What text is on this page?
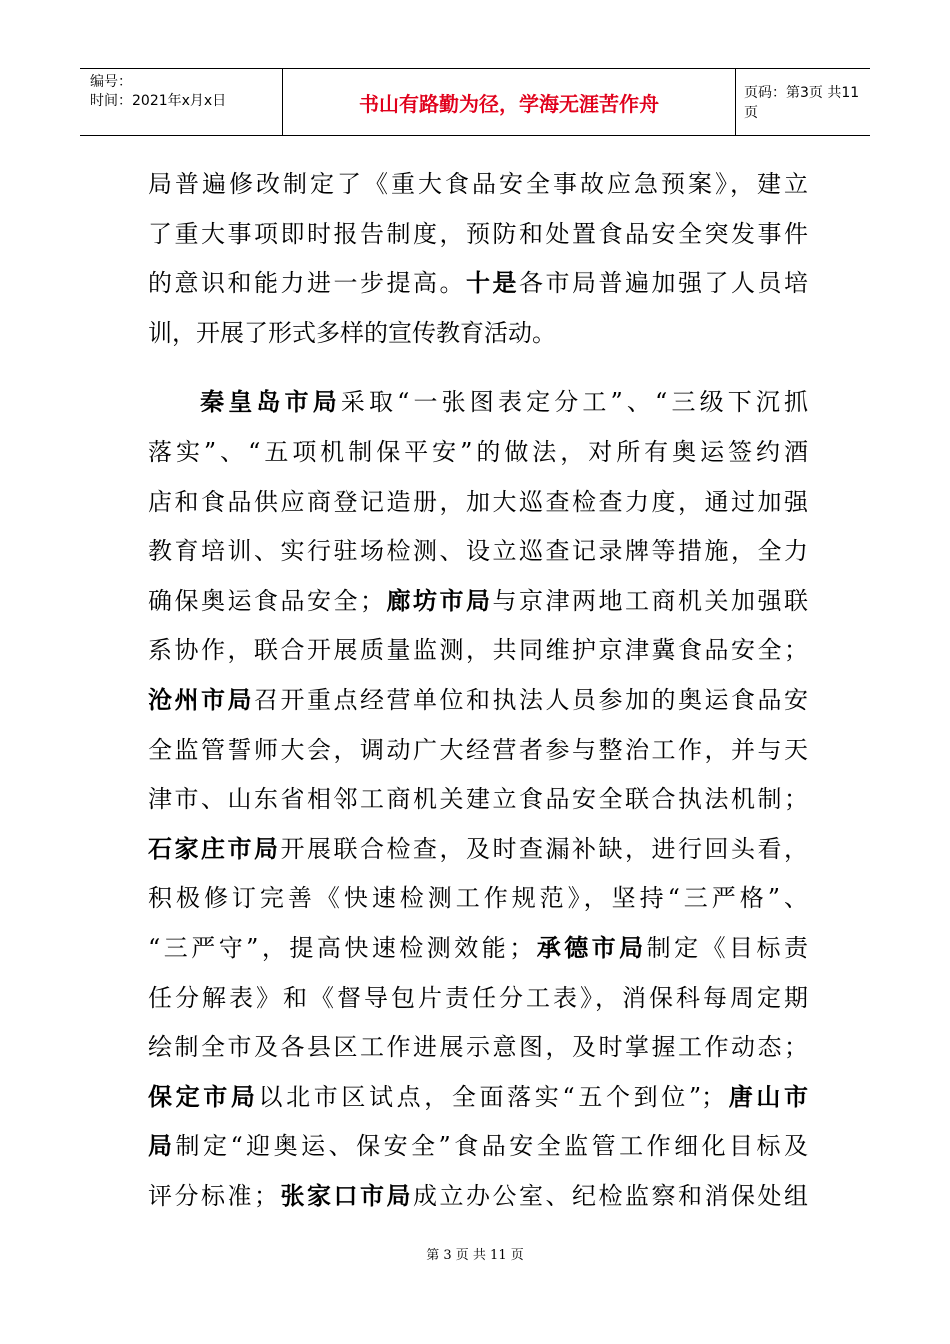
编号：
时间：2021年x月x日	书山有路勤为径，学海无涯苦作舟	页码：第3页 共11页
局普遍修改制定了《重大食品安全事故应急预案》，建立
了重大事项即时报告制度，预防和处置食品安全突发事件
的意识和能力进一步提高。十是各市局普遍加强了人员培
训，开展了形式多样的宣传教育活动。
秦皇岛市局采取“一张图表定分工”、“三级下沉抓
落实”、“五项机制保平安”的做法，对所有奥运签约酒
店和食品供应商登记造册，加大巡查检查力度，通过加强
教育培训、实行驻场检测、设立巡查记录牌等措施，全力
确保奥运食品安全；廊坊市局与京津两地工商机关加强联
系协作，联合开展质量监测，共同维护京津冀食品安全；
沧州市局召开重点经营单位和执法人员参加的奥运食品安
全监管誓师大会，调动广大经营者参与整治工作，并与天
津市、山东省相邻工商机关建立食品安全联合执法机制；
石家庄市局开展联合检查，及时查漏补缺，进行回头看，
积极修订完善《快速检测工作规范》，坚持“三严格”、
“三严守”，提高快速检测效能；承德市局制定《目标责
任分解表》和《督导包片责任分工表》，消保科每周定期
绘制全市及各县区工作进展示意图，及时掌握工作动态；
保定市局以北市区试点，全面落实“五个到位”；唐山市
局制定“迎奥运、保安全”食品安全监管工作细化目标及
评分标准；张家口市局成立办公室、纪检监察和消保处组
第 3 页 共 11 页
